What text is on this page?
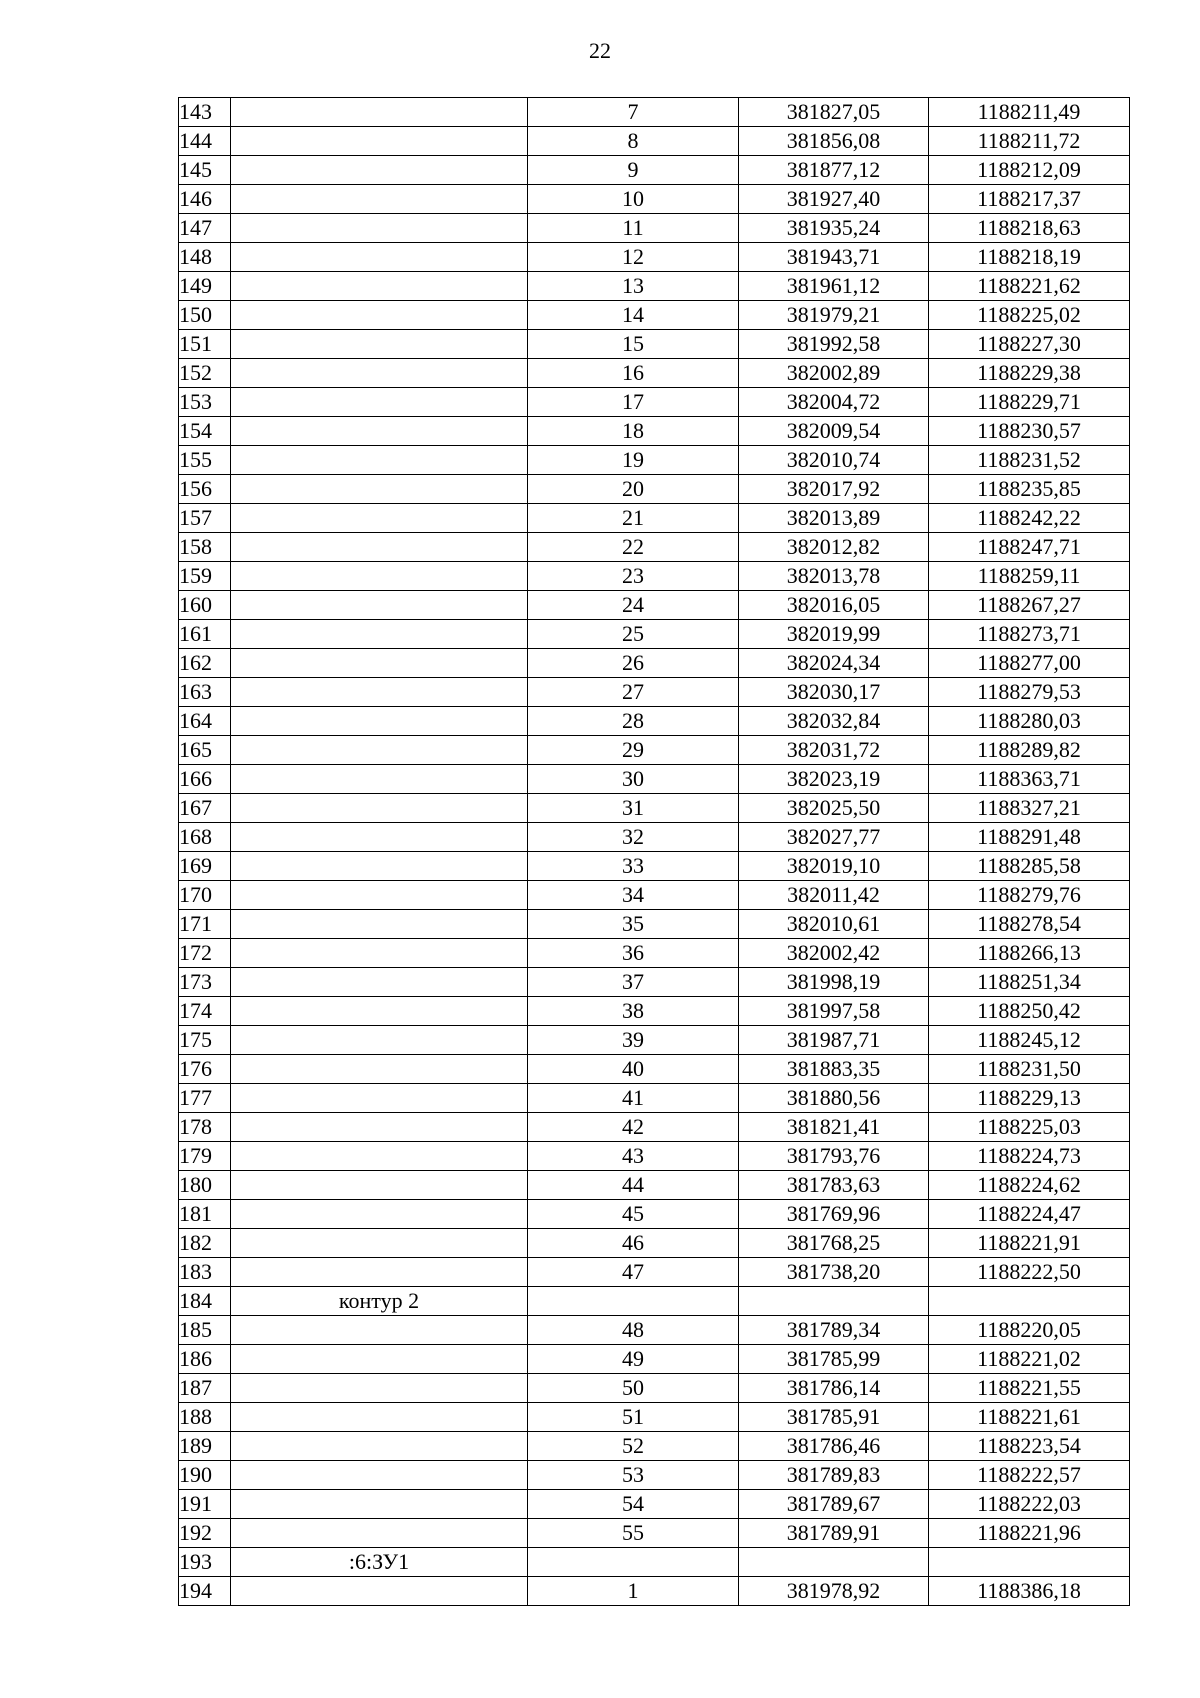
22
143		7	381827,05	1188211,49
144		8	381856,08	1188211,72
145		9	381877,12	1188212,09
146		10	381927,40	1188217,37
147		11	381935,24	1188218,63
148		12	381943,71	1188218,19
149		13	381961,12	1188221,62
150		14	381979,21	1188225,02
151		15	381992,58	1188227,30
152		16	382002,89	1188229,38
153		17	382004,72	1188229,71
154		18	382009,54	1188230,57
155		19	382010,74	1188231,52
156		20	382017,92	1188235,85
157		21	382013,89	1188242,22
158		22	382012,82	1188247,71
159		23	382013,78	1188259,11
160		24	382016,05	1188267,27
161		25	382019,99	1188273,71
162		26	382024,34	1188277,00
163		27	382030,17	1188279,53
164		28	382032,84	1188280,03
165		29	382031,72	1188289,82
166		30	382023,19	1188363,71
167		31	382025,50	1188327,21
168		32	382027,77	1188291,48
169		33	382019,10	1188285,58
170		34	382011,42	1188279,76
171		35	382010,61	1188278,54
172		36	382002,42	1188266,13
173		37	381998,19	1188251,34
174		38	381997,58	1188250,42
175		39	381987,71	1188245,12
176		40	381883,35	1188231,50
177		41	381880,56	1188229,13
178		42	381821,41	1188225,03
179		43	381793,76	1188224,73
180		44	381783,63	1188224,62
181		45	381769,96	1188224,47
182		46	381768,25	1188221,91
183		47	381738,20	1188222,50
184	контур 2			
185		48	381789,34	1188220,05
186		49	381785,99	1188221,02
187		50	381786,14	1188221,55
188		51	381785,91	1188221,61
189		52	381786,46	1188223,54
190		53	381789,83	1188222,57
191		54	381789,67	1188222,03
192		55	381789,91	1188221,96
193	:6:ЗУ1			
194		1	381978,92	1188386,18
